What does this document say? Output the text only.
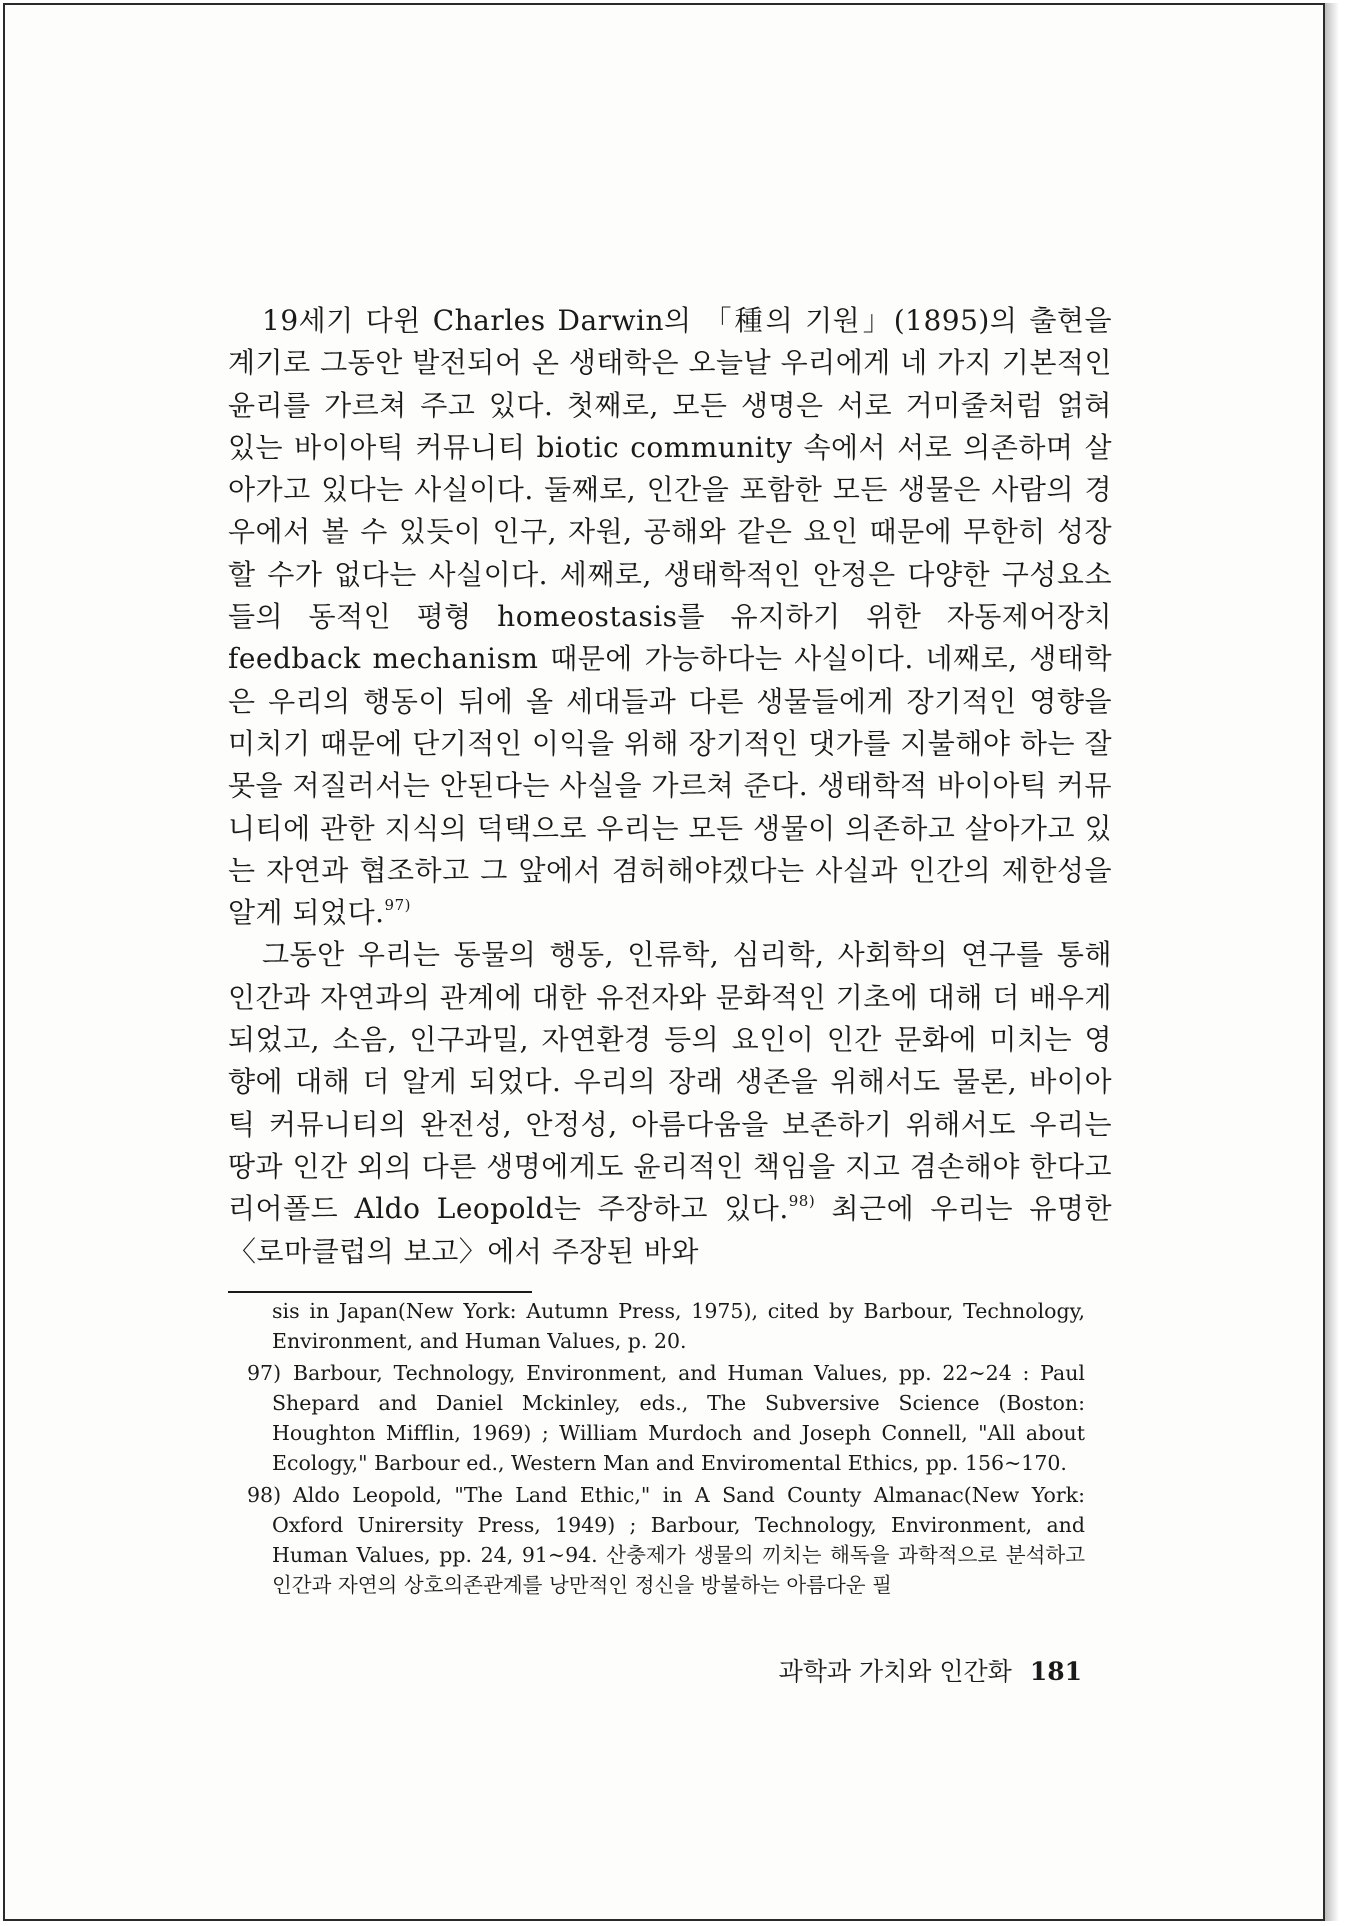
19세기 다윈 Charles Darwin의 「種의 기원」(1895)의 출현을 계기로 그동안 발전되어 온 생태학은 오늘날 우리에게 네 가지 기본적인 윤리를 가르쳐 주고 있다. 첫째로, 모든 생명은 서로 거미줄처럼 얽혀 있는 바이아틱 커뮤니티 biotic community 속에서 서로 의존하며 살아가고 있다는 사실이다. 둘째로, 인간을 포함한 모든 생물은 사람의 경우에서 볼 수 있듯이 인구, 자원, 공해와 같은 요인 때문에 무한히 성장할 수가 없다는 사실이다. 세째로, 생태학적인 안정은 다양한 구성요소들의 동적인 평형 homeostasis를 유지하기 위한 자동제어장치 feedback mechanism 때문에 가능하다는 사실이다. 네째로, 생태학은 우리의 행동이 뒤에 올 세대들과 다른 생물들에게 장기적인 영향을 미치기 때문에 단기적인 이익을 위해 장기적인 댓가를 지불해야 하는 잘못을 저질러서는 안된다는 사실을 가르쳐 준다. 생태학적 바이아틱 커뮤니티에 관한 지식의 덕택으로 우리는 모든 생물이 의존하고 살아가고 있는 자연과 협조하고 그 앞에서 겸허해야겠다는 사실과 인간의 제한성을 알게 되었다.$^{97)}$

그동안 우리는 동물의 행동, 인류학, 심리학, 사회학의 연구를 통해 인간과 자연과의 관계에 대한 유전자와 문화적인 기초에 대해 더 배우게 되었고, 소음, 인구과밀, 자연환경 등의 요인이 인간 문화에 미치는 영향에 대해 더 알게 되었다. 우리의 장래 생존을 위해서도 물론, 바이아틱 커뮤니티의 완전성, 안정성, 아름다움을 보존하기 위해서도 우리는 땅과 인간 외의 다른 생명에게도 윤리적인 책임을 지고 겸손해야 한다고 리어폴드 Aldo Leopold는 주장하고 있다.$^{98)}$ 최근에 우리는 유명한 〈로마클럽의 보고〉에서 주장된 바와

sis in Japan(New York: Autumn Press, 1975), cited by Barbour, Technology, Environment, and Human Values, p. 20.

97) Barbour, Technology, Environment, and Human Values, pp. 22~24 : Paul Shepard and Daniel Mckinley, eds., The Subversive Science (Boston: Houghton Mifflin, 1969) ; William Murdoch and Joseph Connell, "All about Ecology," Barbour ed., Western Man and Enviromental Ethics, pp. 156~170.

98) Aldo Leopold, "The Land Ethic," in A Sand County Almanac(New York: Oxford Unirersity Press, 1949) ; Barbour, Technology, Environment, and Human Values, pp. 24, 91~94. 산충제가 생물의 끼치는 해독을 과학적으로 분석하고 인간과 자연의 상호의존관계를 낭만적인 정신을 방불하는 아름다운 필

과학과 가치와 인간화 181
